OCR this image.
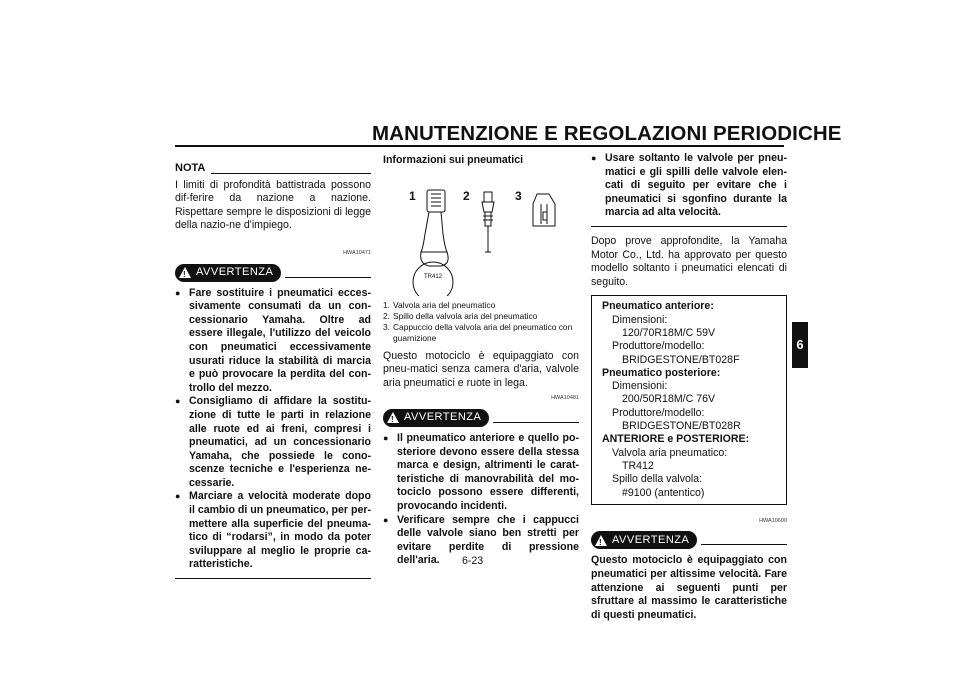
MANUTENZIONE E REGOLAZIONI PERIODICHE
NOTA
I limiti di profondità battistrada possono dif-ferire da nazione a nazione. Rispettare sempre le disposizioni di legge della nazio-ne d'impiego.
HWA10471
! AVVERTENZA
● Fare sostituire i pneumatici ecces-sivamente consumati da un con-cessionario Yamaha. Oltre ad essere illegale, l'utilizzo del veicolo con pneumatici eccessivamente usurati riduce la stabilità di marcia e può provocare la perdita del con-trollo del mezzo.
● Consigliamo di affidare la sostitu-zione di tutte le parti in relazione alle ruote ed ai freni, compresi i pneumatici, ad un concessionario Yamaha, che possiede le cono-scenze tecniche e l'esperienza ne-cessarie.
● Marciare a velocità moderate dopo il cambio di un pneumatico, per per-mettere alla superficie del pneuma-tico di “rodarsi”, in modo da poter sviluppare al meglio le proprie ca-ratteristiche.
Informazioni sui pneumatici
1	2	3
TR412
1. Valvola aria del pneumatico
2. Spillo della valvola aria del pneumatico
3. Cappuccio della valvola aria del pneumatico con guarnizione
Questo motociclo è equipaggiato con pneu-matici senza camera d'aria, valvole aria pneumatici e ruote in lega.
HWA10481
! AVVERTENZA
● Il pneumatico anteriore e quello po-steriore devono essere della stessa marca e design, altrimenti le carat-teristiche di manovrabilità del mo-tociclo possono essere differenti, provocando incidenti.
● Verificare sempre che i cappucci delle valvole siano ben stretti per evitare perdite di pressione dell'aria.
● Usare soltanto le valvole per pneu-matici e gli spilli delle valvole elen-cati di seguito per evitare che i pneumatici si sgonfino durante la marcia ad alta velocità.
Dopo prove approfondite, la Yamaha Motor Co., Ltd. ha approvato per questo modello soltanto i pneumatici elencati di seguito.
Pneumatico anteriore:
Dimensioni:
120/70R18M/C 59V
Produttore/modello:
BRIDGESTONE/BT028F
Pneumatico posteriore:
Dimensioni:
200/50R18M/C 76V
Produttore/modello:
BRIDGESTONE/BT028R
ANTERIORE e POSTERIORE:
Valvola aria pneumatico:
TR412
Spillo della valvola:
#9100 (antentico)
HWA10600
! AVVERTENZA
Questo motociclo è equipaggiato con pneumatici per altissime velocità. Fare attenzione ai seguenti punti per sfruttare al massimo le caratteristiche di questi pneumatici.
6
6-23
